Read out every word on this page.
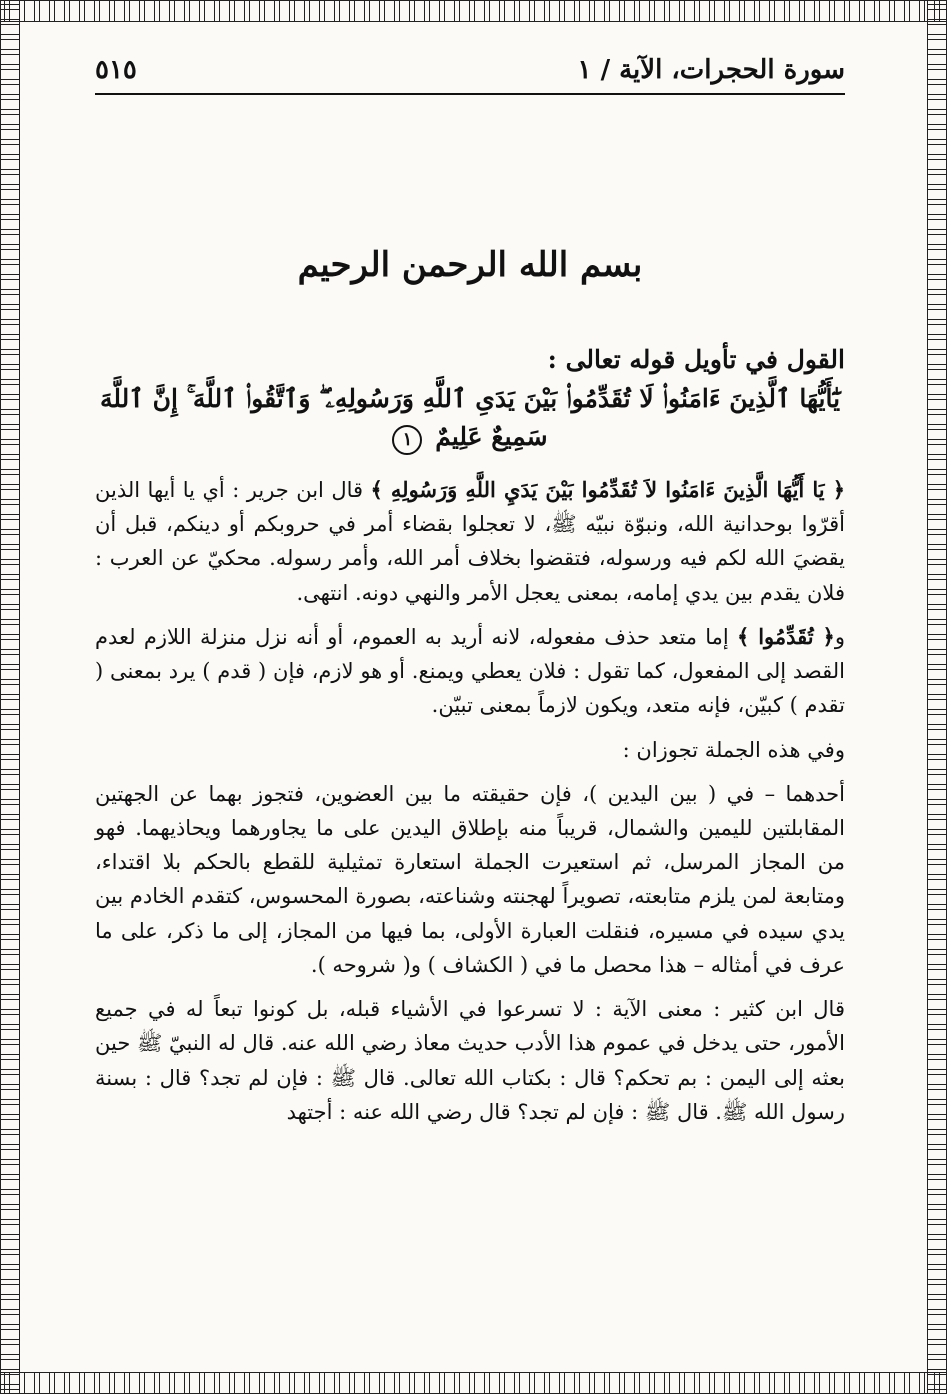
سورة الحجرات، الآية / ١
٥١٥
بسم الله الرحمن الرحيم
القول في تأويل قوله تعالى :
يَٰٓأَيُّهَا ٱلَّذِينَ ءَامَنُوا۟ لَا تُقَدِّمُوا۟ بَيْنَ يَدَىِ ٱللَّهِ وَرَسُولِهِۦ ۖ وَٱتَّقُوا۟ ٱللَّهَ ۚ إِنَّ ٱللَّهَ سَمِيعٌ عَلِيمٌ ١

﴿ يَا أَيُّهَا الَّذِينَ ءَامَنُوا لاَ تُقَدِّمُوا بَيْنَ يَدَيِ اللَّهِ وَرَسُولِهِ ﴾ قال ابن جرير : أي يا أيها الذين أقرّوا بوحدانية الله، ونبوّة نبيّه ﷺ، لا تعجلوا بقضاء أمر في حروبكم أو دينكم، قبل أن يقضيَ الله لكم فيه ورسوله، فتقضوا بخلاف أمر الله، وأمر رسوله. محكيّ عن العرب : فلان يقدم بين يدي إمامه، بمعنى يعجل الأمر والنهي دونه. انتهى.

و﴿ تُقَدِّمُوا ﴾ إما متعد حذف مفعوله، لانه أريد به العموم، أو أنه نزل منزلة اللازم لعدم القصد إلى المفعول، كما تقول : فلان يعطي ويمنع. أو هو لازم، فإن ( قدم ) يرد بمعنى ( تقدم ) كبيّن، فإنه متعد، ويكون لازماً بمعنى تبيّن.

وفي هذه الجملة تجوزان :

أحدهما – في ( بين اليدين )، فإن حقيقته ما بين العضوين، فتجوز بهما عن الجهتين المقابلتين لليمين والشمال، قريباً منه بإطلاق اليدين على ما يجاورهما ويحاذيهما. فهو من المجاز المرسل، ثم استعيرت الجملة استعارة تمثيلية للقطع بالحكم بلا اقتداء، ومتابعة لمن يلزم متابعته، تصويراً لهجنته وشناعته، بصورة المحسوس، كتقدم الخادم بين يدي سيده في مسيره، فنقلت العبارة الأولى، بما فيها من المجاز، إلى ما ذكر، على ما عرف في أمثاله – هذا محصل ما في ( الكشاف ) و( شروحه ).

قال ابن كثير : معنى الآية : لا تسرعوا في الأشياء قبله، بل كونوا تبعاً له في جميع الأمور، حتى يدخل في عموم هذا الأدب حديث معاذ رضي الله عنه. قال له النبيّ ﷺ حين بعثه إلى اليمن : بم تحكم؟ قال : بكتاب الله تعالى. قال ﷺ : فإن لم تجد؟ قال : بسنة رسول الله ﷺ. قال ﷺ : فإن لم تجد؟ قال رضي الله عنه : أجتهد
